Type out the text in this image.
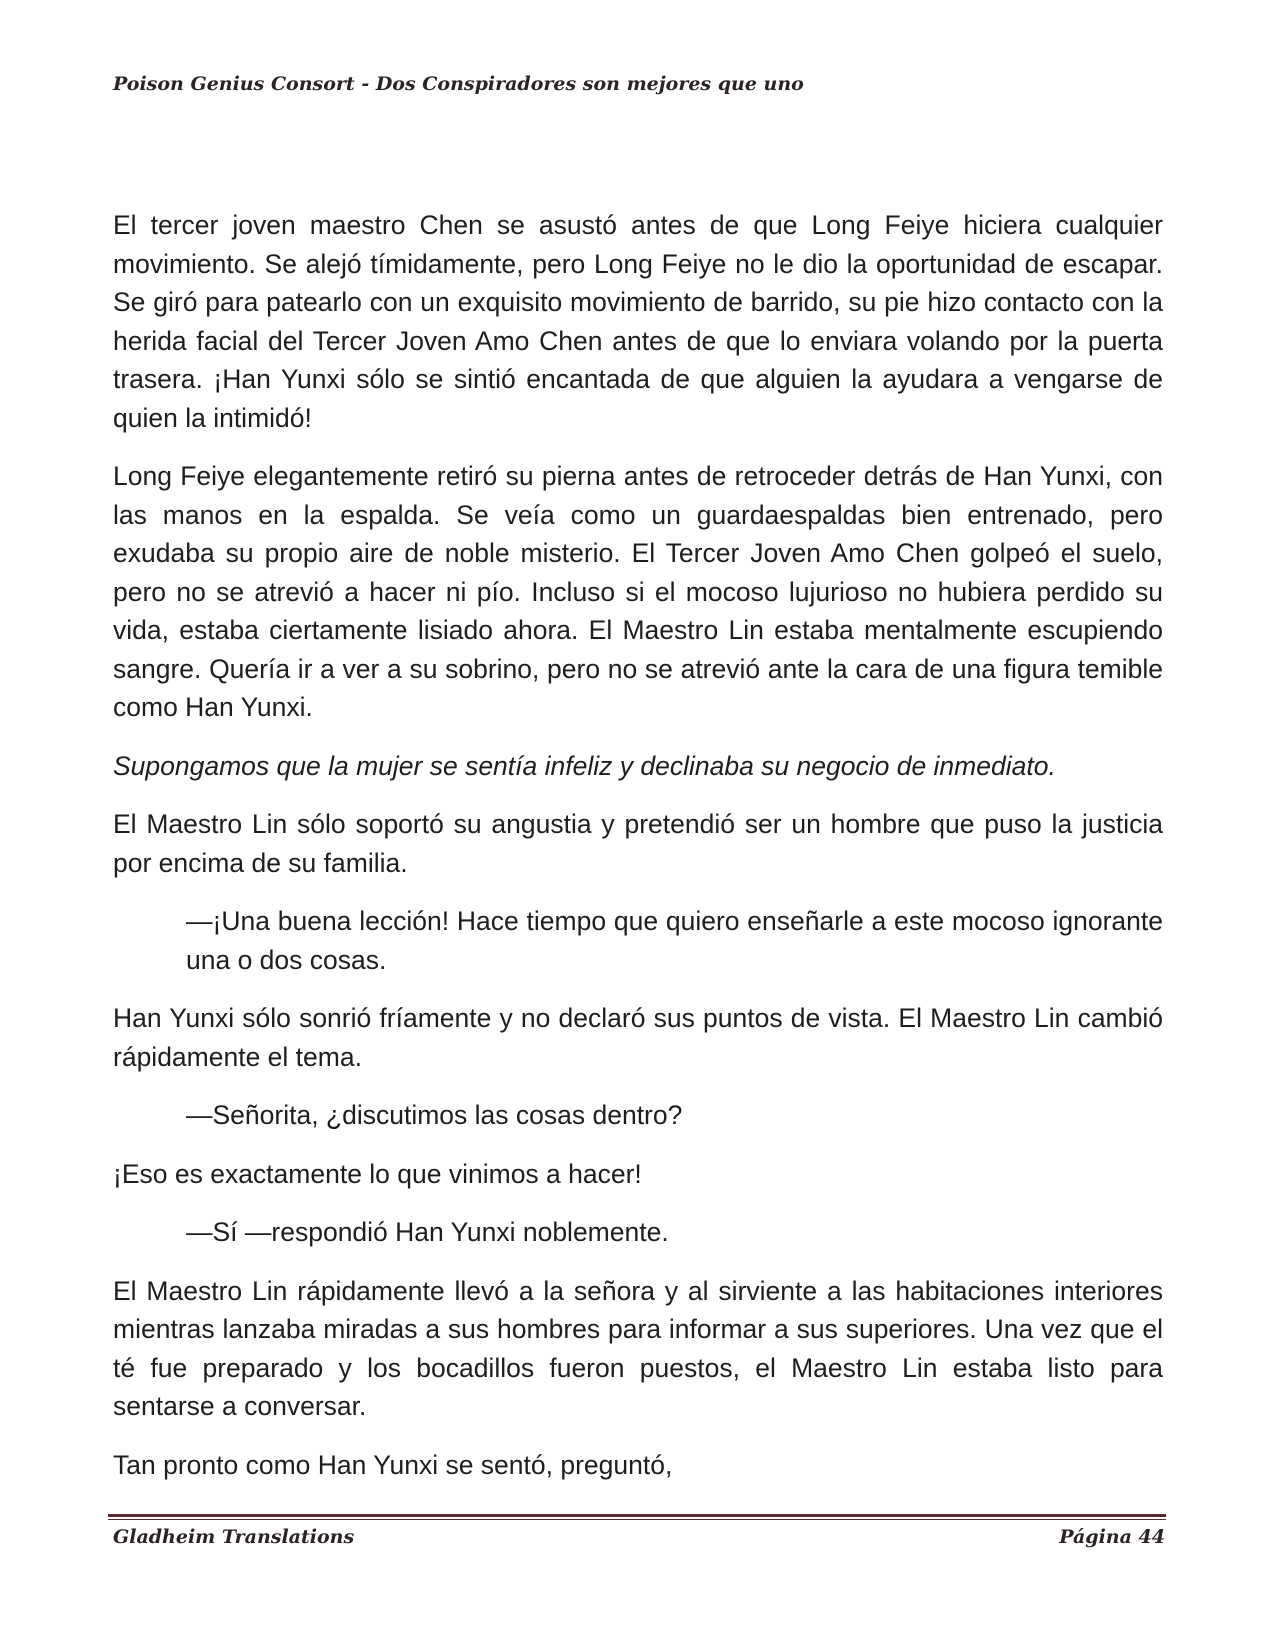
Poison Genius Consort - Dos Conspiradores son mejores que uno

El tercer joven maestro Chen se asustó antes de que Long Feiye hiciera cualquier movimiento. Se alejó tímidamente, pero Long Feiye no le dio la oportunidad de escapar. Se giró para patearlo con un exquisito movimiento de barrido, su pie hizo contacto con la herida facial del Tercer Joven Amo Chen antes de que lo enviara volando por la puerta trasera. ¡Han Yunxi sólo se sintió encantada de que alguien la ayudara a vengarse de quien la intimidó!

Long Feiye elegantemente retiró su pierna antes de retroceder detrás de Han Yunxi, con las manos en la espalda. Se veía como un guardaespaldas bien entrenado, pero exudaba su propio aire de noble misterio. El Tercer Joven Amo Chen golpeó el suelo, pero no se atrevió a hacer ni pío. Incluso si el mocoso lujurioso no hubiera perdido su vida, estaba ciertamente lisiado ahora. El Maestro Lin estaba mentalmente escupiendo sangre. Quería ir a ver a su sobrino, pero no se atrevió ante la cara de una figura temible como Han Yunxi.

Supongamos que la mujer se sentía infeliz y declinaba su negocio de inmediato.

El Maestro Lin sólo soportó su angustia y pretendió ser un hombre que puso la justicia por encima de su familia.

—¡Una buena lección! Hace tiempo que quiero enseñarle a este mocoso ignorante una o dos cosas.

Han Yunxi sólo sonrió fríamente y no declaró sus puntos de vista. El Maestro Lin cambió rápidamente el tema.

—Señorita, ¿discutimos las cosas dentro?

¡Eso es exactamente lo que vinimos a hacer!

—Sí —respondió Han Yunxi noblemente.

El Maestro Lin rápidamente llevó a la señora y al sirviente a las habitaciones interiores mientras lanzaba miradas a sus hombres para informar a sus superiores. Una vez que el té fue preparado y los bocadillos fueron puestos, el Maestro Lin estaba listo para sentarse a conversar.

Tan pronto como Han Yunxi se sentó, preguntó,

Gladheim Translations	Página 44
